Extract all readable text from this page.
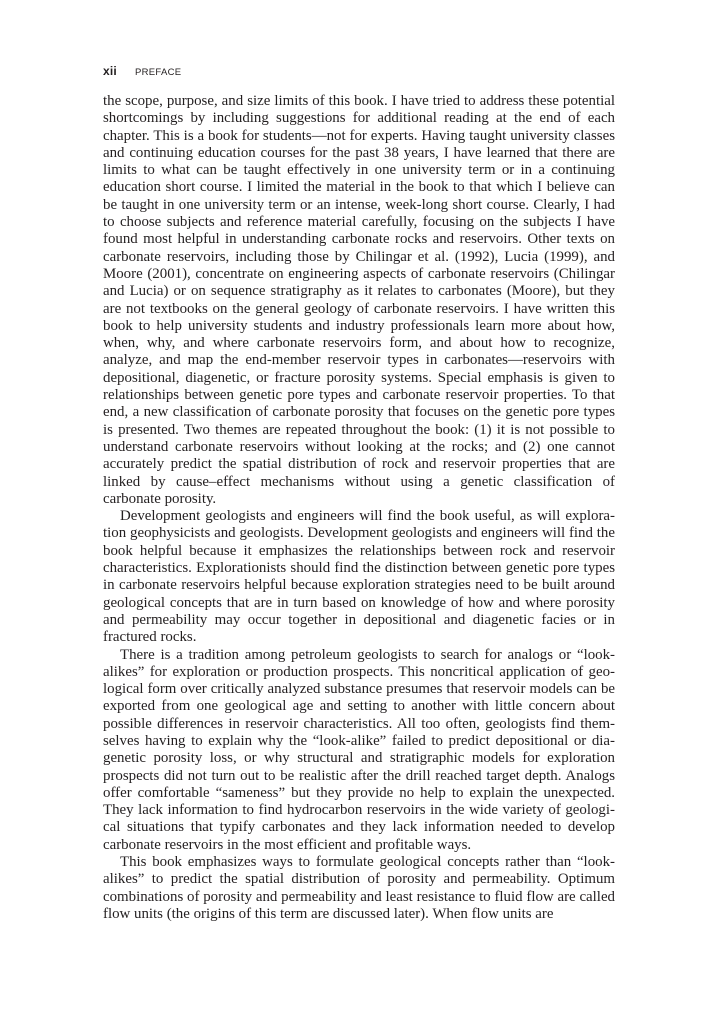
xii PREFACE

the scope, purpose, and size limits of this book. I have tried to address these potential shortcomings by including suggestions for additional reading at the end of each chapter. This is a book for students—not for experts. Having taught university classes and continuing education courses for the past 38 years, I have learned that there are limits to what can be taught effectively in one university term or in a continuing education short course. I limited the material in the book to that which I believe can be taught in one university term or an intense, week-long short course. Clearly, I had to choose subjects and reference material carefully, focusing on the subjects I have found most helpful in understanding carbonate rocks and reservoirs. Other texts on carbonate reservoirs, including those by Chilingar et al. (1992), Lucia (1999), and Moore (2001), concentrate on engineering aspects of carbonate reservoirs (Chilingar and Lucia) or on sequence stratigraphy as it relates to carbonates (Moore), but they are not textbooks on the general geology of carbonate reservoirs. I have written this book to help university students and industry professionals learn more about how, when, why, and where carbonate reservoirs form, and about how to recognize, analyze, and map the end-member reservoir types in carbonates—reservoirs with depositional, diagenetic, or fracture porosity systems. Special emphasis is given to relationships between genetic pore types and carbonate reservoir properties. To that end, a new classification of carbonate porosity that focuses on the genetic pore types is presented. Two themes are repeated throughout the book: (1) it is not possible to understand carbonate reservoirs without looking at the rocks; and (2) one cannot accurately predict the spatial distribution of rock and reservoir properties that are linked by cause–effect mechanisms without using a genetic classification of carbonate porosity.

Development geologists and engineers will find the book useful, as will exploration geophysicists and geologists. Development geologists and engineers will find the book helpful because it emphasizes the relationships between rock and reservoir characteristics. Explorationists should find the distinction between genetic pore types in carbonate reservoirs helpful because exploration strategies need to be built around geological concepts that are in turn based on knowledge of how and where porosity and permeability may occur together in depositional and diagenetic facies or in fractured rocks.

There is a tradition among petroleum geologists to search for analogs or “look-alikes” for exploration or production prospects. This noncritical application of geological form over critically analyzed substance presumes that reservoir models can be exported from one geological age and setting to another with little concern about possible differences in reservoir characteristics. All too often, geologists find themselves having to explain why the “look-alike” failed to predict depositional or diagenetic porosity loss, or why structural and stratigraphic models for exploration prospects did not turn out to be realistic after the drill reached target depth. Analogs offer comfortable “sameness” but they provide no help to explain the unexpected. They lack information to find hydrocarbon reservoirs in the wide variety of geological situations that typify carbonates and they lack information needed to develop carbonate reservoirs in the most efficient and profitable ways.

This book emphasizes ways to formulate geological concepts rather than “look-alikes” to predict the spatial distribution of porosity and permeability. Optimum combinations of porosity and permeability and least resistance to fluid flow are called flow units (the origins of this term are discussed later). When flow units are
